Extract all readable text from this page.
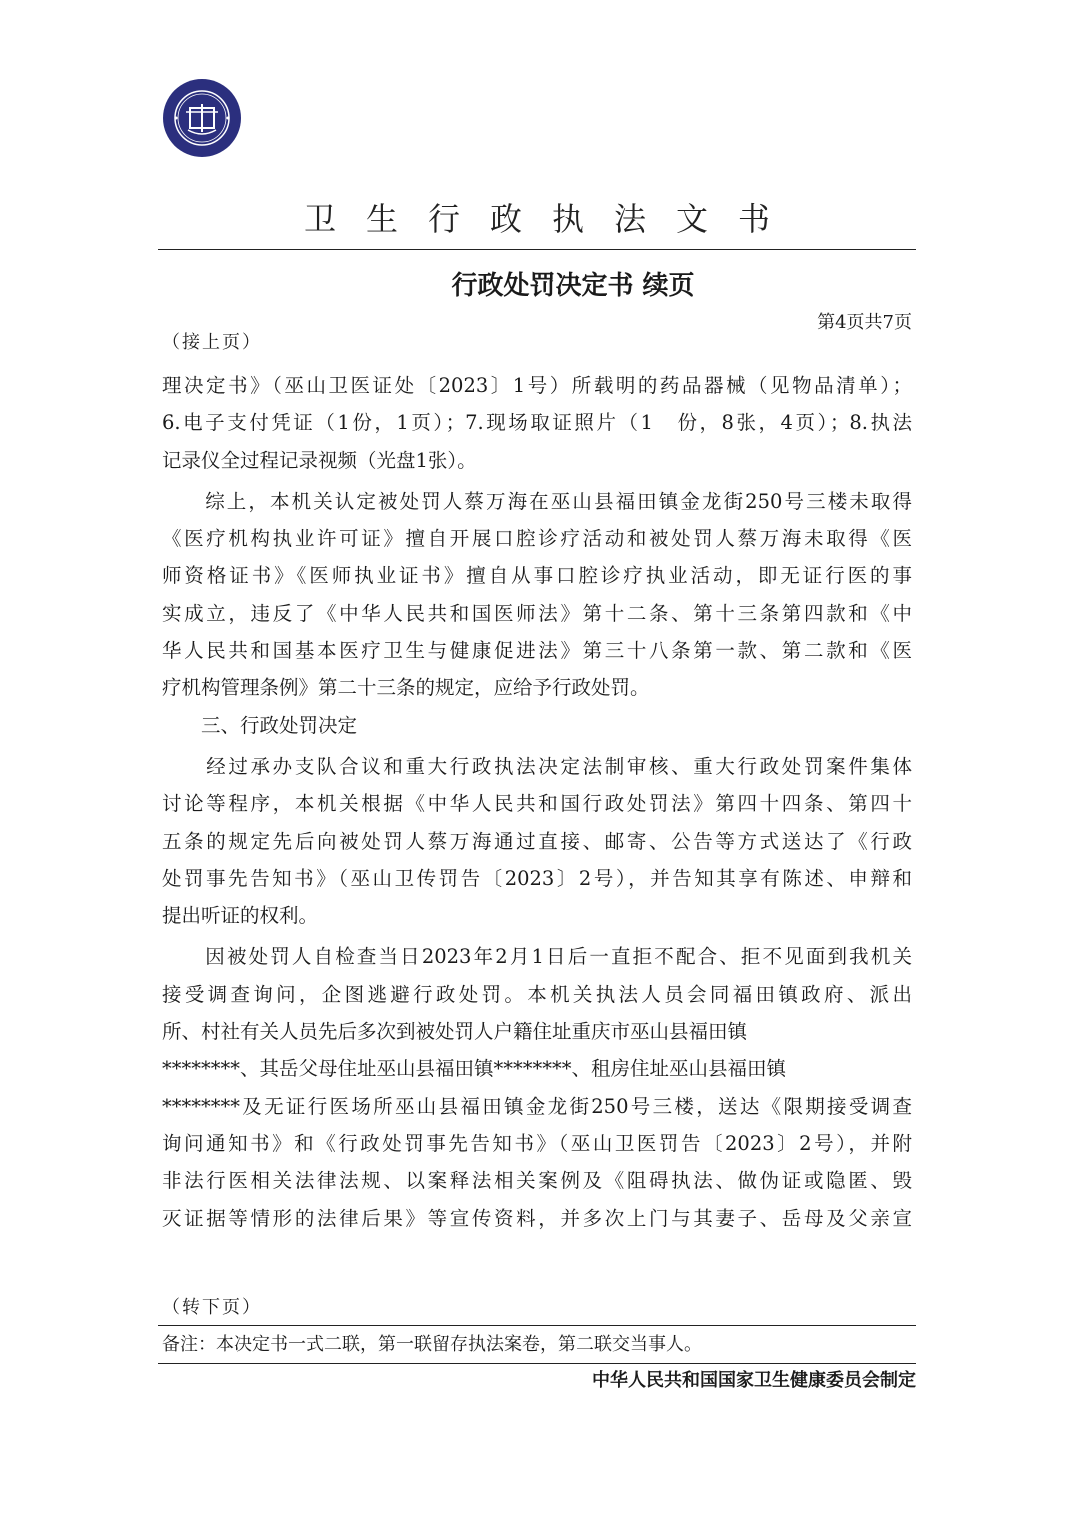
卫生行政执法文书
行政处罚决定书 续页
第4页共7页
（接上页）
理决定书》（巫山卫医证处〔2023〕1号）所载明的药品器械（见物品清单）；
6.电子支付凭证（1份，1页）；7.现场取证照片（1　份，8张，4页）；8.执法
记录仪全过程记录视频（光盘1张）。
　　综上，本机关认定被处罚人蔡万海在巫山县福田镇金龙街250号三楼未取得
《医疗机构执业许可证》擅自开展口腔诊疗活动和被处罚人蔡万海未取得《医
师资格证书》《医师执业证书》擅自从事口腔诊疗执业活动，即无证行医的事
实成立，违反了《中华人民共和国医师法》第十二条、第十三条第四款和《中
华人民共和国基本医疗卫生与健康促进法》第三十八条第一款、第二款和《医
疗机构管理条例》第二十三条的规定，应给予行政处罚。
　　三、行政处罚决定
　　经过承办支队合议和重大行政执法决定法制审核、重大行政处罚案件集体
讨论等程序，本机关根据《中华人民共和国行政处罚法》第四十四条、第四十
五条的规定先后向被处罚人蔡万海通过直接、邮寄、公告等方式送达了《行政
处罚事先告知书》（巫山卫传罚告〔2023〕2号），并告知其享有陈述、申辩和
提出听证的权利。
　　因被处罚人自检查当日2023年2月1日后一直拒不配合、拒不见面到我机关
接受调查询问，企图逃避行政处罚。本机关执法人员会同福田镇政府、派出
所、村社有关人员先后多次到被处罚人户籍住址重庆市巫山县福田镇
********、其岳父母住址巫山县福田镇********、租房住址巫山县福田镇
********及无证行医场所巫山县福田镇金龙街250号三楼，送达《限期接受调查
询问通知书》和《行政处罚事先告知书》（巫山卫医罚告〔2023〕2号），并附
非法行医相关法律法规、以案释法相关案例及《阻碍执法、做伪证或隐匿、毁
灭证据等情形的法律后果》等宣传资料，并多次上门与其妻子、岳母及父亲宣
（转下页）
备注：本决定书一式二联，第一联留存执法案卷，第二联交当事人。
中华人民共和国国家卫生健康委员会制定
